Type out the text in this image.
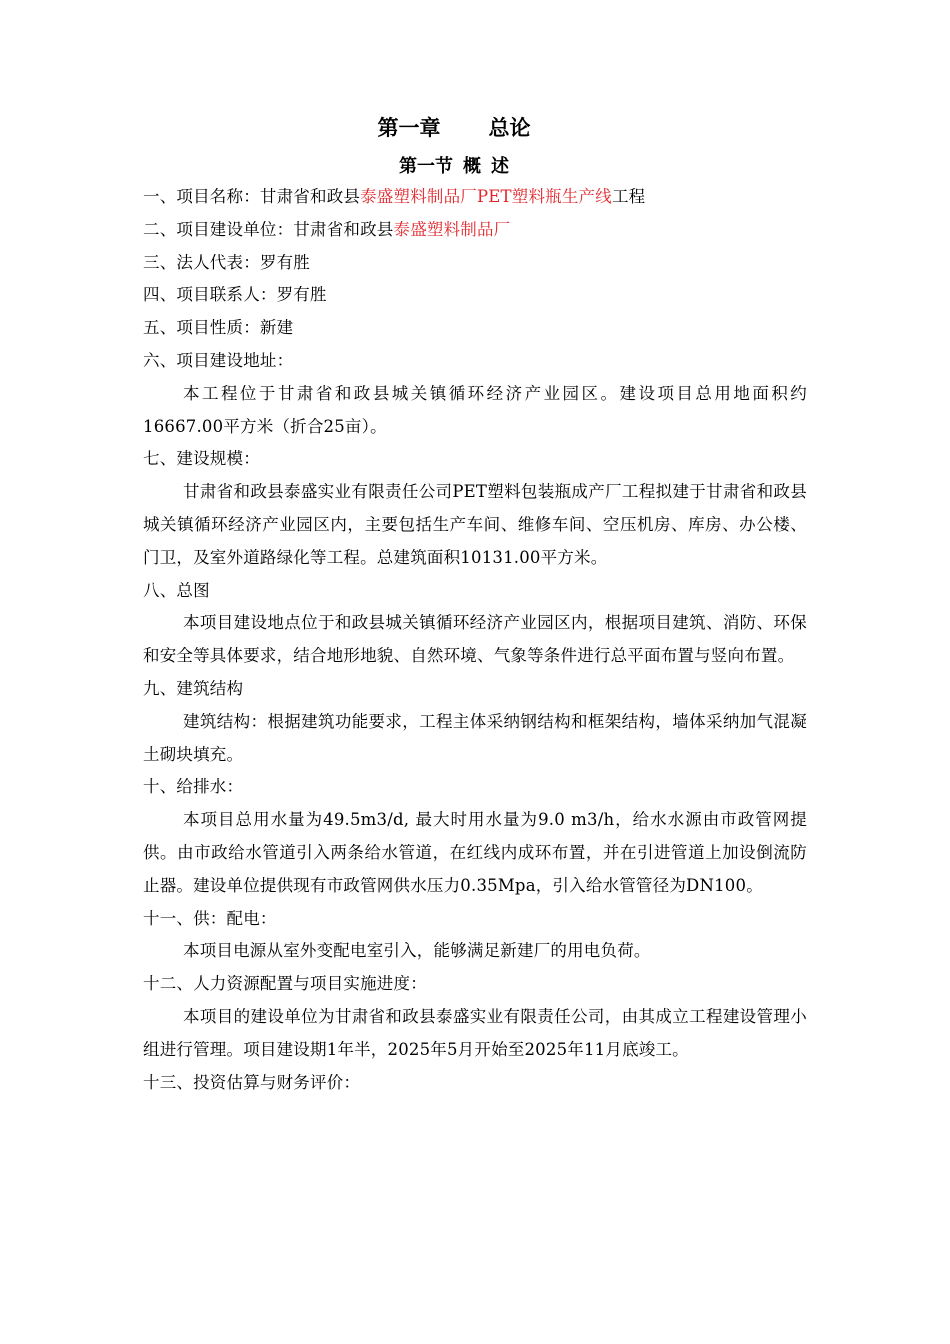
第一章 总论
第一节 概 述

一、项目名称：甘肃省和政县泰盛塑料制品厂PET塑料瓶生产线工程

二、项目建设单位：甘肃省和政县泰盛塑料制品厂

三、法人代表：罗有胜

四、项目联系人：罗有胜

五、项目性质：新建

六、项目建设地址：

本工程位于甘肃省和政县城关镇循环经济产业园区。建设项目总用地面积约16667.00平方米（折合25亩）。

七、建设规模：

甘肃省和政县泰盛实业有限责任公司PET塑料包装瓶成产厂工程拟建于甘肃省和政县城关镇循环经济产业园区内，主要包括生产车间、维修车间、空压机房、库房、办公楼、门卫，及室外道路绿化等工程。总建筑面积10131.00平方米。

八、总图

本项目建设地点位于和政县城关镇循环经济产业园区内，根据项目建筑、消防、环保和安全等具体要求，结合地形地貌、自然环境、气象等条件进行总平面布置与竖向布置。

九、建筑结构

建筑结构：根据建筑功能要求，工程主体采纳钢结构和框架结构，墙体采纳加气混凝土砌块填充。

十、给排水：

本项目总用水量为49.5m3/d, 最大时用水量为9.0 m3/h，给水水源由市政管网提供。由市政给水管道引入两条给水管道，在红线内成环布置，并在引进管道上加设倒流防止器。建设单位提供现有市政管网供水压力0.35Mpa，引入给水管管径为DN100。

十一、供：配电：

本项目电源从室外变配电室引入，能够满足新建厂的用电负荷。

十二、人力资源配置与项目实施进度：

本项目的建设单位为甘肃省和政县泰盛实业有限责任公司，由其成立工程建设管理小组进行管理。项目建设期1年半，2025年5月开始至2025年11月底竣工。

十三、投资估算与财务评价：
